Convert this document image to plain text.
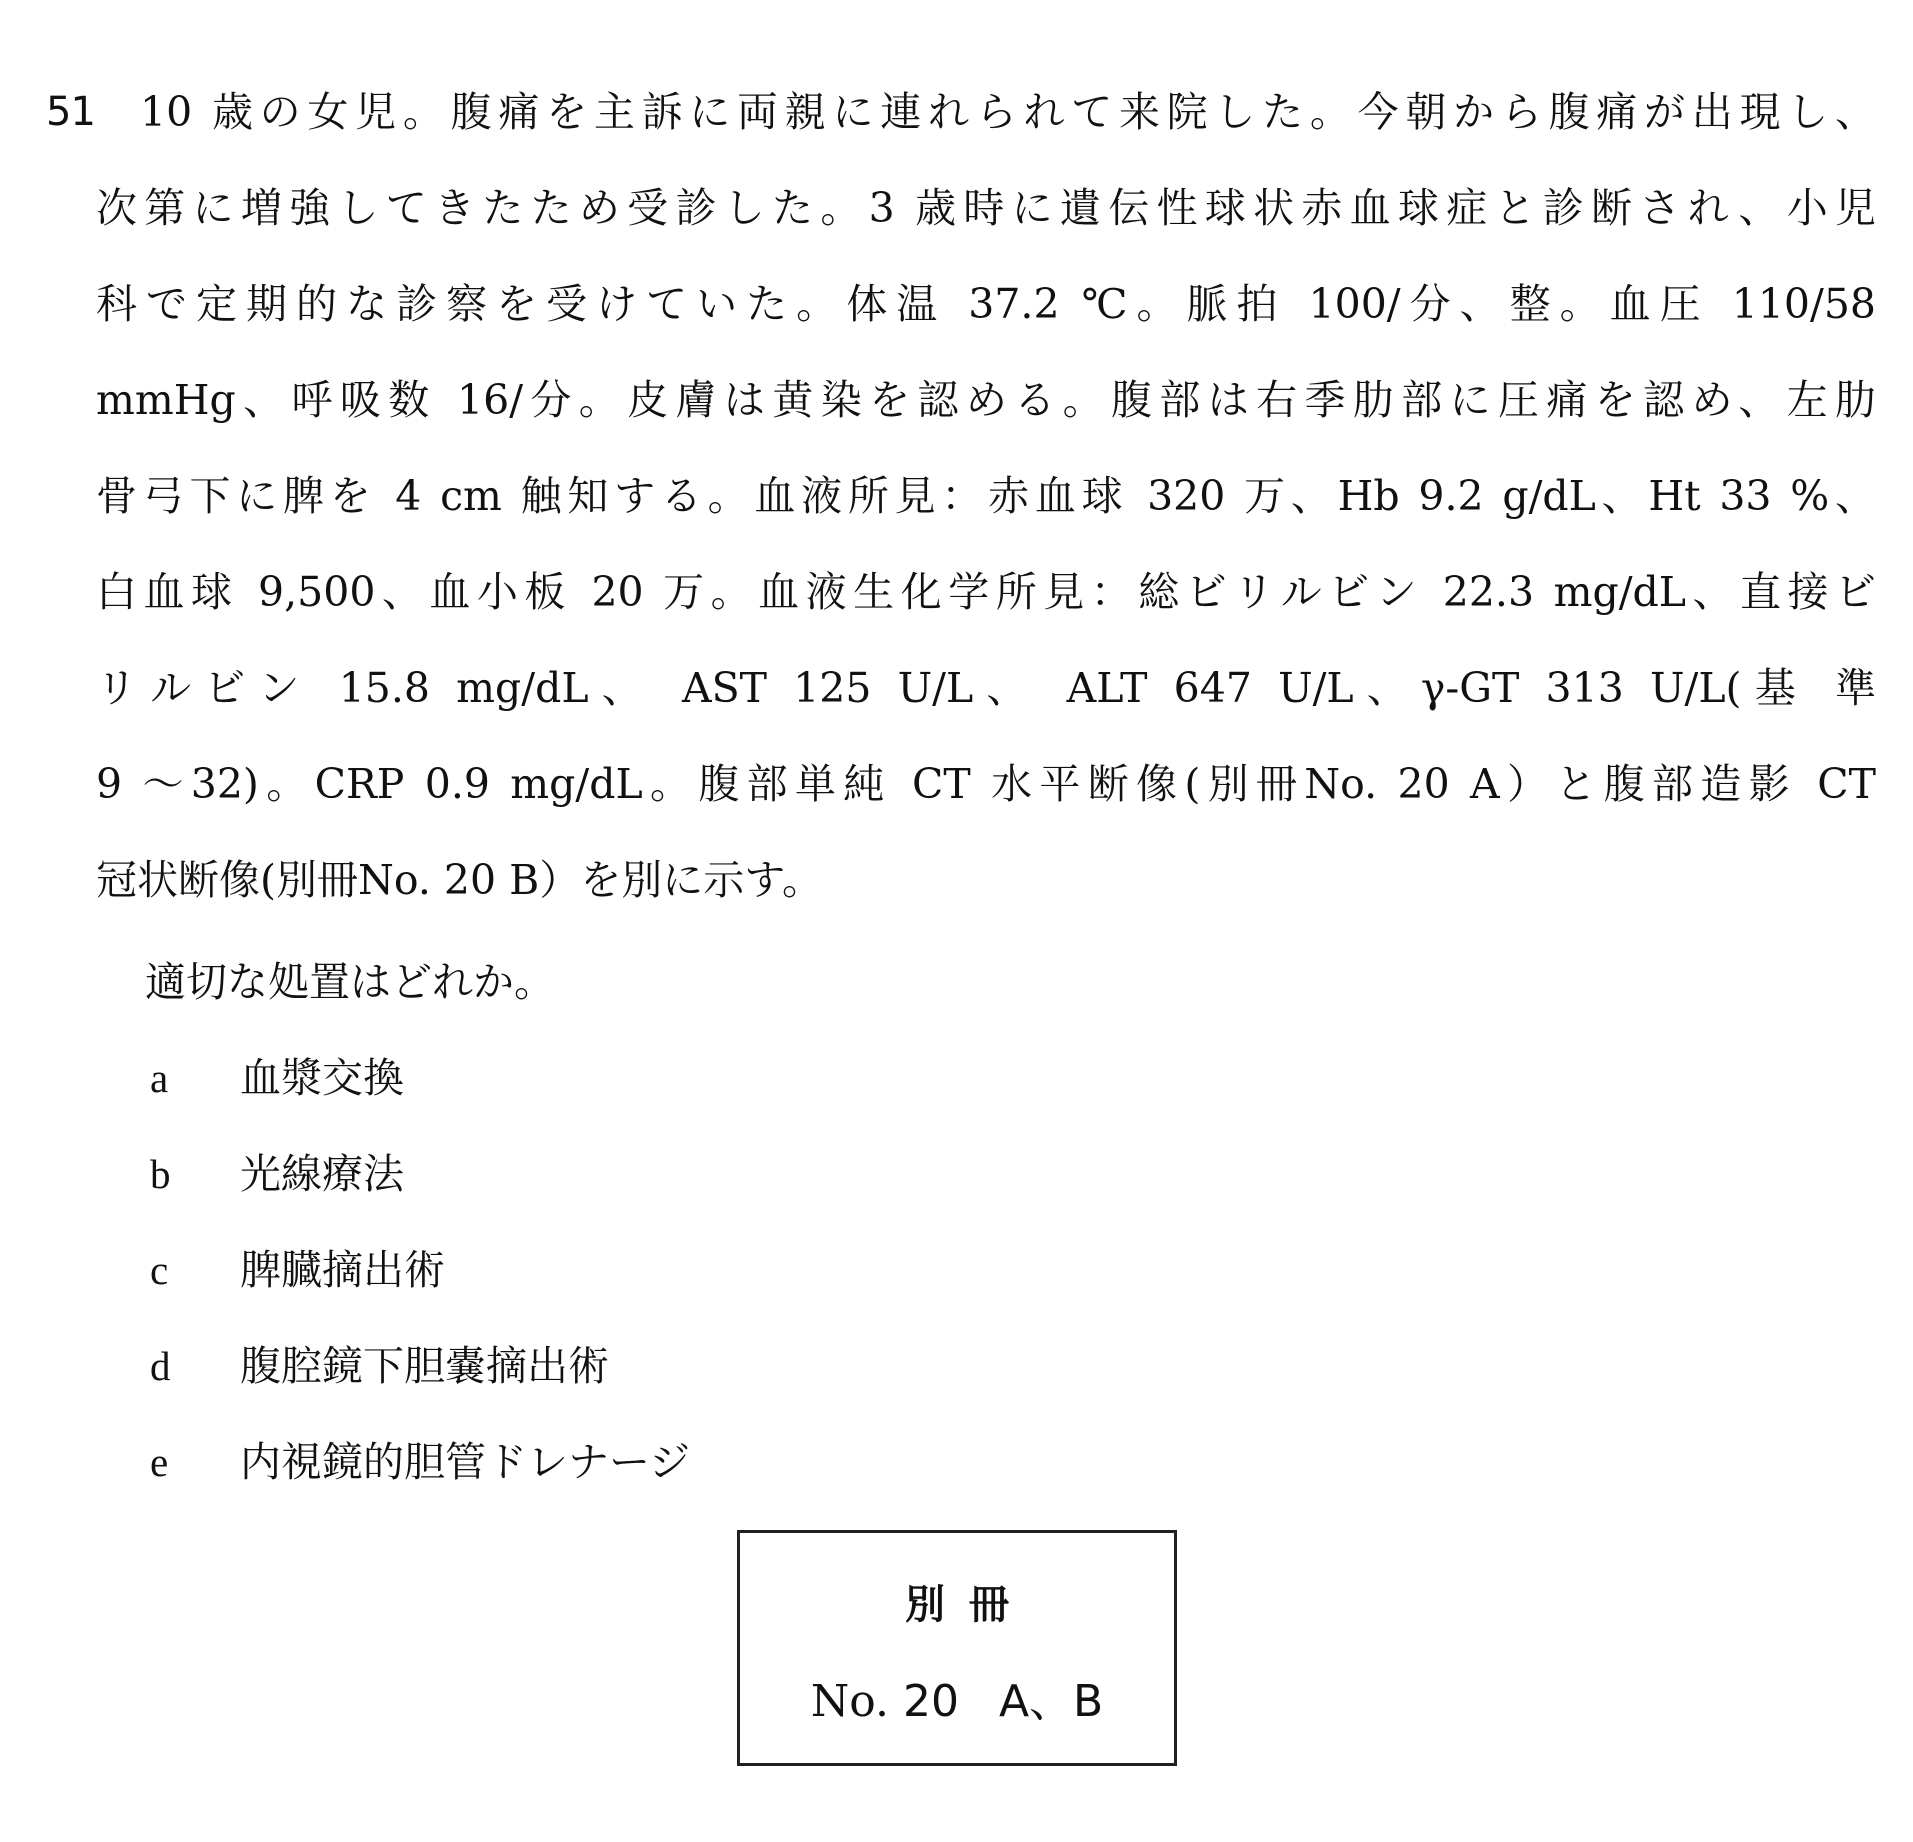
51 10 歳の女児。腹痛を主訴に両親に連れられて来院した。今朝から腹痛が出現し、
次第に増強してきたため受診した。3 歳時に遺伝性球状赤血球症と診断され、小児
科で定期的な診察を受けていた。体温 37.2 ℃。脈拍 100/分、整。血圧 110/58
mmHg、呼吸数 16/分。皮膚は黄染を認める。腹部は右季肋部に圧痛を認め、左肋
骨弓下に脾を 4 cm 触知する。血液所見：赤血球 320 万、Hb 9.2 g/dL、Ht 33 %、
白血球 9,500、血小板 20 万。血液生化学所見：総ビリルビン 22.3 mg/dL、直接ビ
リルビン 15.8 mg/dL、 AST 125 U/L、 ALT 647 U/L、γ-GT 313 U/L(基 準
9 ～32)。CRP 0.9 mg/dL。腹部単純 CT 水平断像(別冊No. 20 A）と腹部造影 CT
冠状断像(別冊No. 20 B）を別に示す。
適切な処置はどれか。
a 血漿交換
b 光線療法
c 脾臓摘出術
d 腹腔鏡下胆嚢摘出術
e 内視鏡的胆管ドレナージ
別冊
No. 20 A、B
